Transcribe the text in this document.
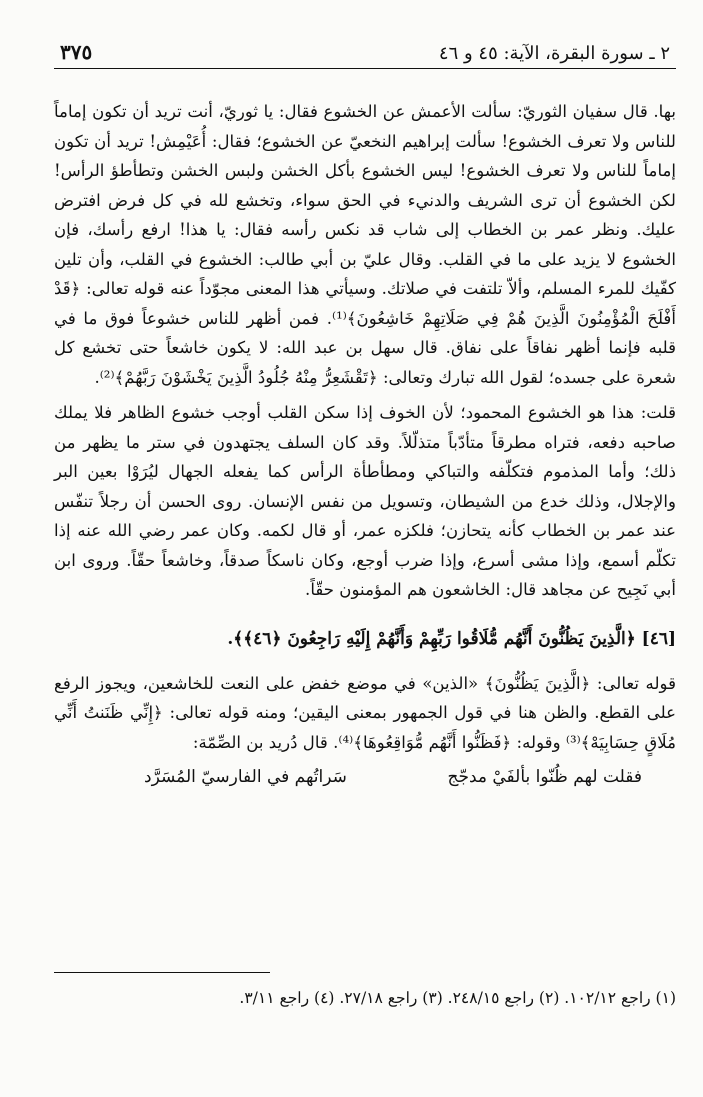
٢ ـ سورة البقرة، الآية: ٤٥ و ٤٦
٣٧٥

بها. قال سفيان الثوريّ: سألت الأعمش عن الخشوع فقال: يا ثوريّ، أنت تريد أن تكون إماماً للناس ولا تعرف الخشوع! سألت إبراهيم النخعيّ عن الخشوع؛ فقال: أُعَيْمِش! تريد أن تكون إماماً للناس ولا تعرف الخشوع! ليس الخشوع بأكل الخشن ولبس الخشن وتطأطؤ الرأس! لكن الخشوع أن ترى الشريف والدنيء في الحق سواء، وتخشع لله في كل فرض افترض عليك. ونظر عمر بن الخطاب إلى شاب قد نكس رأسه فقال: يا هذا! ارفع رأسك، فإن الخشوع لا يزيد على ما في القلب. وقال عليّ بن أبي طالب: الخشوع في القلب، وأن تلين كفّيك للمرء المسلم، وألاّ تلتفت في صلاتك. وسيأتي هذا المعنى مجوّداً عنه قوله تعالى: ﴿قَدْ أَفْلَحَ الْمُؤْمِنُونَ الَّذِينَ هُمْ فِي صَلَاتِهِمْ خَاشِعُونَ﴾⁽¹⁾. فمن أظهر للناس خشوعاً فوق ما في قلبه فإنما أظهر نفاقاً على نفاق. قال سهل بن عبد الله: لا يكون خاشعاً حتى تخشع كل شعرة على جسده؛ لقول الله تبارك وتعالى: ﴿تَقْشَعِرُّ مِنْهُ جُلُودُ الَّذِينَ يَخْشَوْنَ رَبَّهُمْ﴾⁽²⁾.

قلت: هذا هو الخشوع المحمود؛ لأن الخوف إذا سكن القلب أوجب خشوع الظاهر فلا يملك صاحبه دفعه، فتراه مطرقاً متأدّباً متذلّلاً. وقد كان السلف يجتهدون في ستر ما يظهر من ذلك؛ وأما المذموم فتكلّفه والتباكي ومطأطأة الرأس كما يفعله الجهال ليُرَوْا بعين البر والإجلال، وذلك خدع من الشيطان، وتسويل من نفس الإنسان. روى الحسن أن رجلاً تنفّس عند عمر بن الخطاب كأنه يتحازن؛ فلكزه عمر، أو قال لكمه. وكان عمر رضي الله عنه إذا تكلّم أسمع، وإذا مشى أسرع، وإذا ضرب أوجع، وكان ناسكاً صدقاً، وخاشعاً حقّاً. وروى ابن أبي نَجِيح عن مجاهد قال: الخاشعون هم المؤمنون حقّاً.

[٤٦] ﴿الَّذِينَ يَظُنُّونَ أَنَّهُم مُّلَاقُوا رَبِّهِمْ وَأَنَّهُمْ إِلَيْهِ رَاجِعُونَ ﴿٤٦﴾﴾.

قوله تعالى: ﴿الَّذِينَ يَظُنُّونَ﴾ «الذين» في موضع خفض على النعت للخاشعين، ويجوز الرفع على القطع. والظن هنا في قول الجمهور بمعنى اليقين؛ ومنه قوله تعالى: ﴿إِنِّي ظَنَنتُ أَنِّي مُلَاقٍ حِسَابِيَهْ﴾⁽³⁾ وقوله: ﴿فَظَنُّوا أَنَّهُم مُّوَاقِعُوهَا﴾⁽⁴⁾. قال دُريد بن الصِّمّة:

فقلت لهم ظُنّوا بألفَيْ مدجّج
سَراتُهم في الفارسيّ المُسَرَّد
(١) راجع ١٠٢/١٢. (٢) راجع ٢٤٨/١٥. (٣) راجع ٢٧/١٨. (٤) راجع ٣/١١.
